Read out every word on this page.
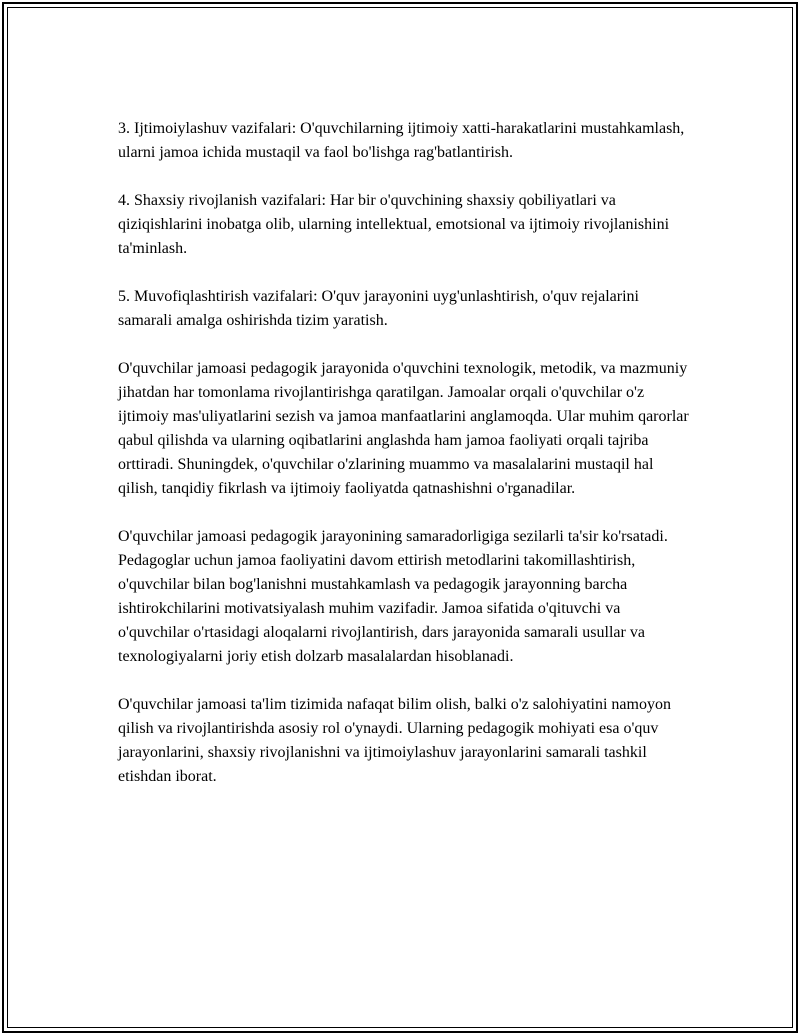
3. Ijtimoiylashuv vazifalari: O'quvchilarning ijtimoiy xatti-harakatlarini mustahkamlash, ularni jamoa ichida mustaqil va faol bo'lishga rag'batlantirish.

4. Shaxsiy rivojlanish vazifalari: Har bir o'quvchining shaxsiy qobiliyatlari va qiziqishlarini inobatga olib, ularning intellektual, emotsional va ijtimoiy rivojlanishini ta'minlash.

5. Muvofiqlashtirish vazifalari: O'quv jarayonini uyg'unlashtirish, o'quv rejalarini samarali amalga oshirishda tizim yaratish.

O'quvchilar jamoasi pedagogik jarayonida o'quvchini texnologik, metodik, va mazmuniy jihatdan har tomonlama rivojlantirishga qaratilgan. Jamoalar orqali o'quvchilar o'z ijtimoiy mas'uliyatlarini sezish va jamoa manfaatlarini anglamoqda. Ular muhim qarorlar qabul qilishda va ularning oqibatlarini anglashda ham jamoa faoliyati orqali tajriba orttiradi. Shuningdek, o'quvchilar o'zlarining muammo va masalalarini mustaqil hal qilish, tanqidiy fikrlash va ijtimoiy faoliyatda qatnashishni o'rganadilar.

O'quvchilar jamoasi pedagogik jarayonining samaradorligiga sezilarli ta'sir ko'rsatadi. Pedagoglar uchun jamoa faoliyatini davom ettirish metodlarini takomillashtirish, o'quvchilar bilan bog'lanishni mustahkamlash va pedagogik jarayonning barcha ishtirokchilarini motivatsiyalash muhim vazifadir. Jamoa sifatida o'qituvchi va o'quvchilar o'rtasidagi aloqalarni rivojlantirish, dars jarayonida samarali usullar va texnologiyalarni joriy etish dolzarb masalalardan hisoblanadi.

O'quvchilar jamoasi ta'lim tizimida nafaqat bilim olish, balki o'z salohiyatini namoyon qilish va rivojlantirishda asosiy rol o'ynaydi. Ularning pedagogik mohiyati esa o'quv jarayonlarini, shaxsiy rivojlanishni va ijtimoiylashuv jarayonlarini samarali tashkil etishdan iborat.
